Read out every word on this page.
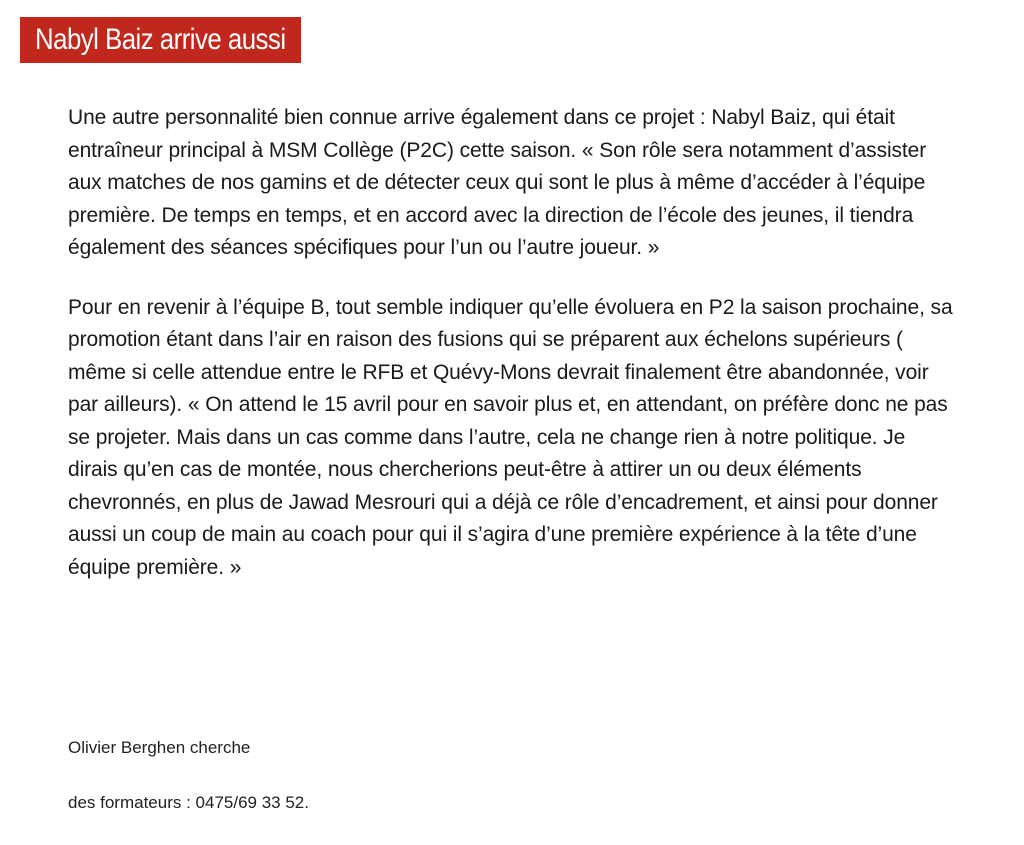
Nabyl Baiz arrive aussi

Une autre personnalité bien connue arrive également dans ce projet : Nabyl Baiz, qui était entraîneur principal à MSM Collège (P2C) cette saison. « Son rôle sera notamment d’assister aux matches de nos gamins et de détecter ceux qui sont le plus à même d’accéder à l’équipe première. De temps en temps, et en accord avec la direction de l’école des jeunes, il tiendra également des séances spécifiques pour l’un ou l’autre joueur. »

Pour en revenir à l’équipe B, tout semble indiquer qu’elle évoluera en P2 la saison prochaine, sa promotion étant dans l’air en raison des fusions qui se préparent aux échelons supérieurs ( même si celle attendue entre le RFB et Quévy-Mons devrait finalement être abandonnée, voir par ailleurs). « On attend le 15 avril pour en savoir plus et, en attendant, on préfère donc ne pas se projeter. Mais dans un cas comme dans l’autre, cela ne change rien à notre politique. Je dirais qu’en cas de montée, nous chercherions peut-être à attirer un ou deux éléments chevronnés, en plus de Jawad Mesrouri qui a déjà ce rôle d’encadrement, et ainsi pour donner aussi un coup de main au coach pour qui il s’agira d’une première expérience à la tête d’une équipe première. »

Olivier Berghen cherche

des formateurs : 0475/69 33 52.
